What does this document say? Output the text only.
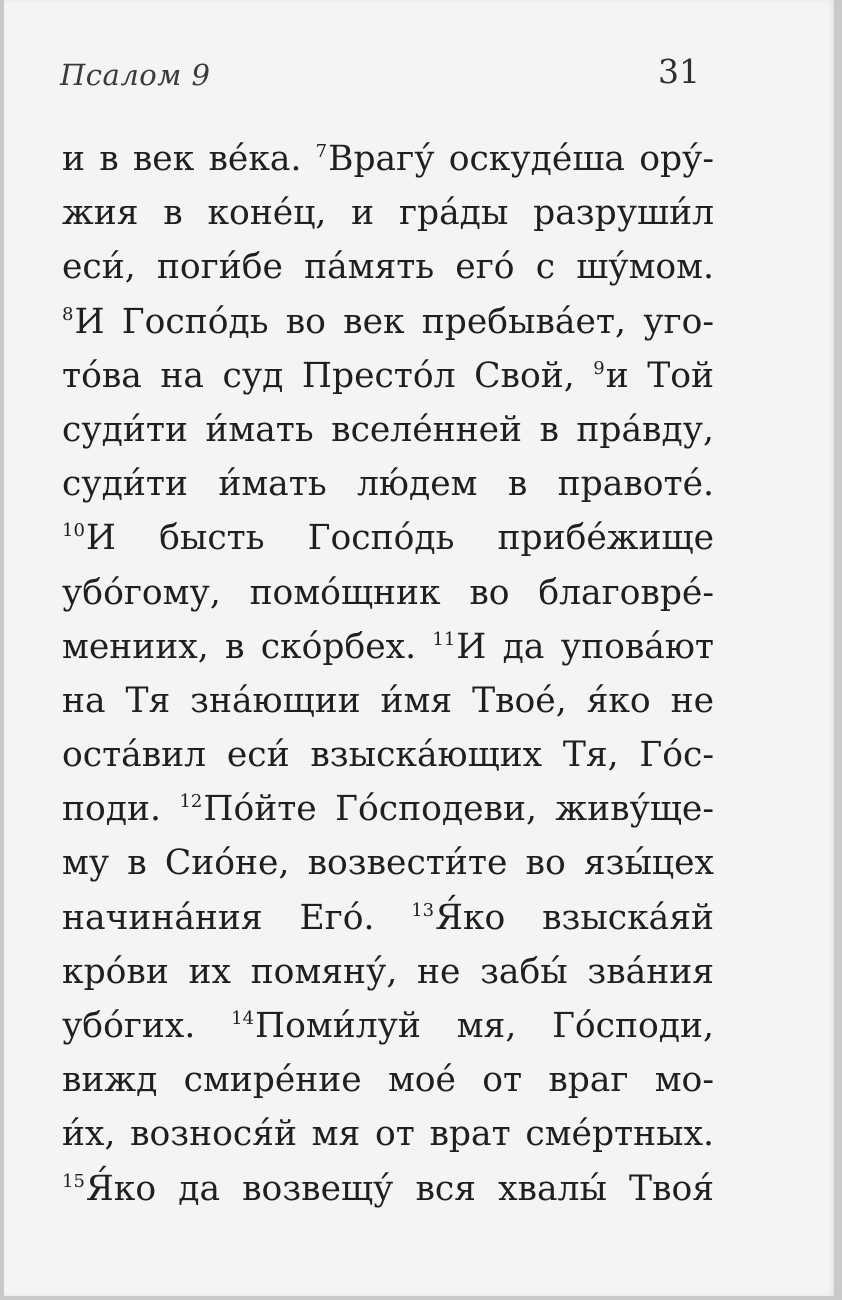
Псалом 9	31
и в век ве́ка. $^7$Врагу́ оскуде́ша ору́-
жия в коне́ц, и гра́ды разруши́л
еси́, поги́бе па́мять его́ с шу́мом.
$^8$И Госпо́дь во век пребыва́ет, уго-
то́ва на суд Престо́л Свой, $^9$и Той
суди́ти и́мать вселе́нней в пра́вду,
суди́ти и́мать лю́дем в правоте́.
$^{10}$И бысть Госпо́дь прибе́жище
убо́гому, помо́щник во благовре́-
мениих, в ско́рбех. $^{11}$И да упова́ют
на Тя зна́ющии и́мя Твое́, я́ко не
оста́вил еси́ взыска́ющих Тя, Го́с-
поди. $^{12}$По́йте Го́сподеви, живу́ще-
му в Сио́не, возвести́те во язы́цех
начина́ния Его́. $^{13}$Я́ко взыска́яй
кро́ви их помяну́, не забы́ зва́ния
убо́гих. $^{14}$Поми́луй мя, Го́споди,
вижд смире́ние мое́ от враг мо-
и́х, вознося́й мя от врат сме́ртных.
$^{15}$Я́ко да возвещу́ вся хвалы́ Твоя́
